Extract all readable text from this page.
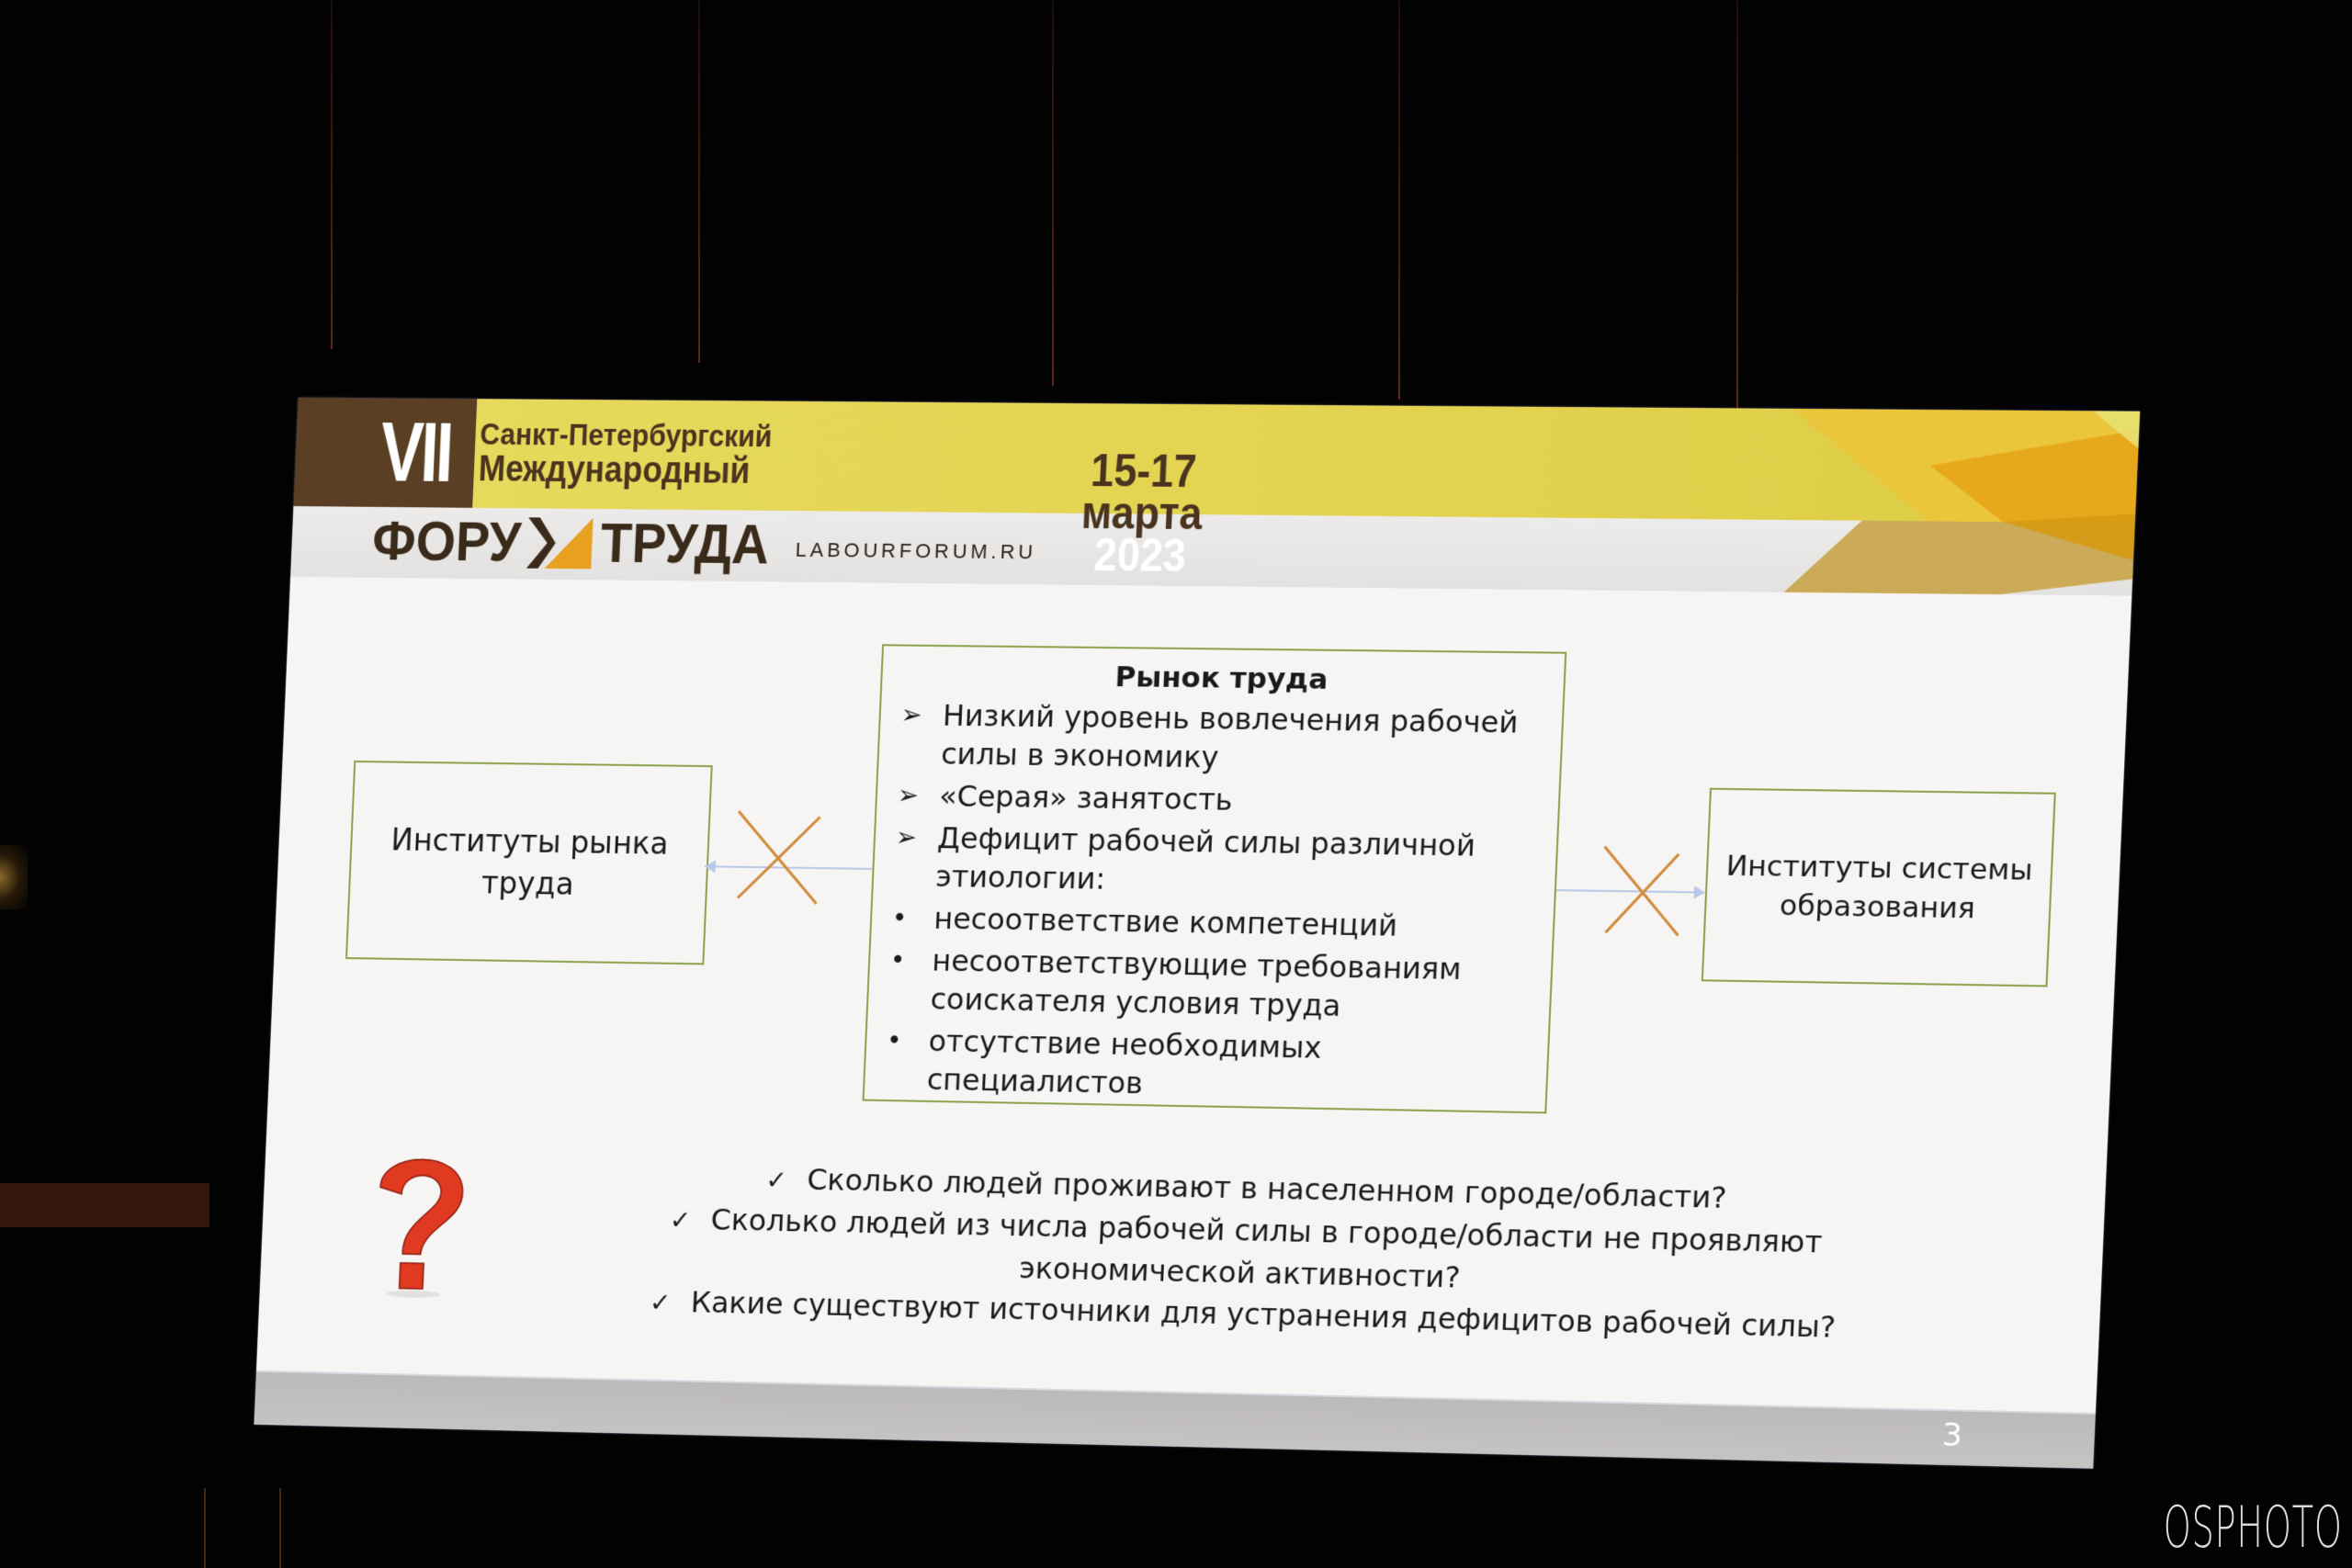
VII Санкт-Петербургский
Международный
ФОРУ ТРУДА LABOURFORUM.RU
15-17
марта
2023
Институты рынка
труда
Рынок труда
➢ Низкий уровень вовлечения рабочей силы в экономику
➢ «Серая» занятость
➢ Дефицит рабочей силы различной этиологии:
• несоответствие компетенций
• несоответствующие требованиям соискателя условия труда
• отсутствие необходимых специалистов
Институты системы
образования
✓ Сколько людей проживают в населенном городе/области?
✓ Сколько людей из числа рабочей силы в городе/области не проявляют экономической активности?
✓ Какие существуют источники для устранения дефицитов рабочей силы?
3
OSPHOTO
